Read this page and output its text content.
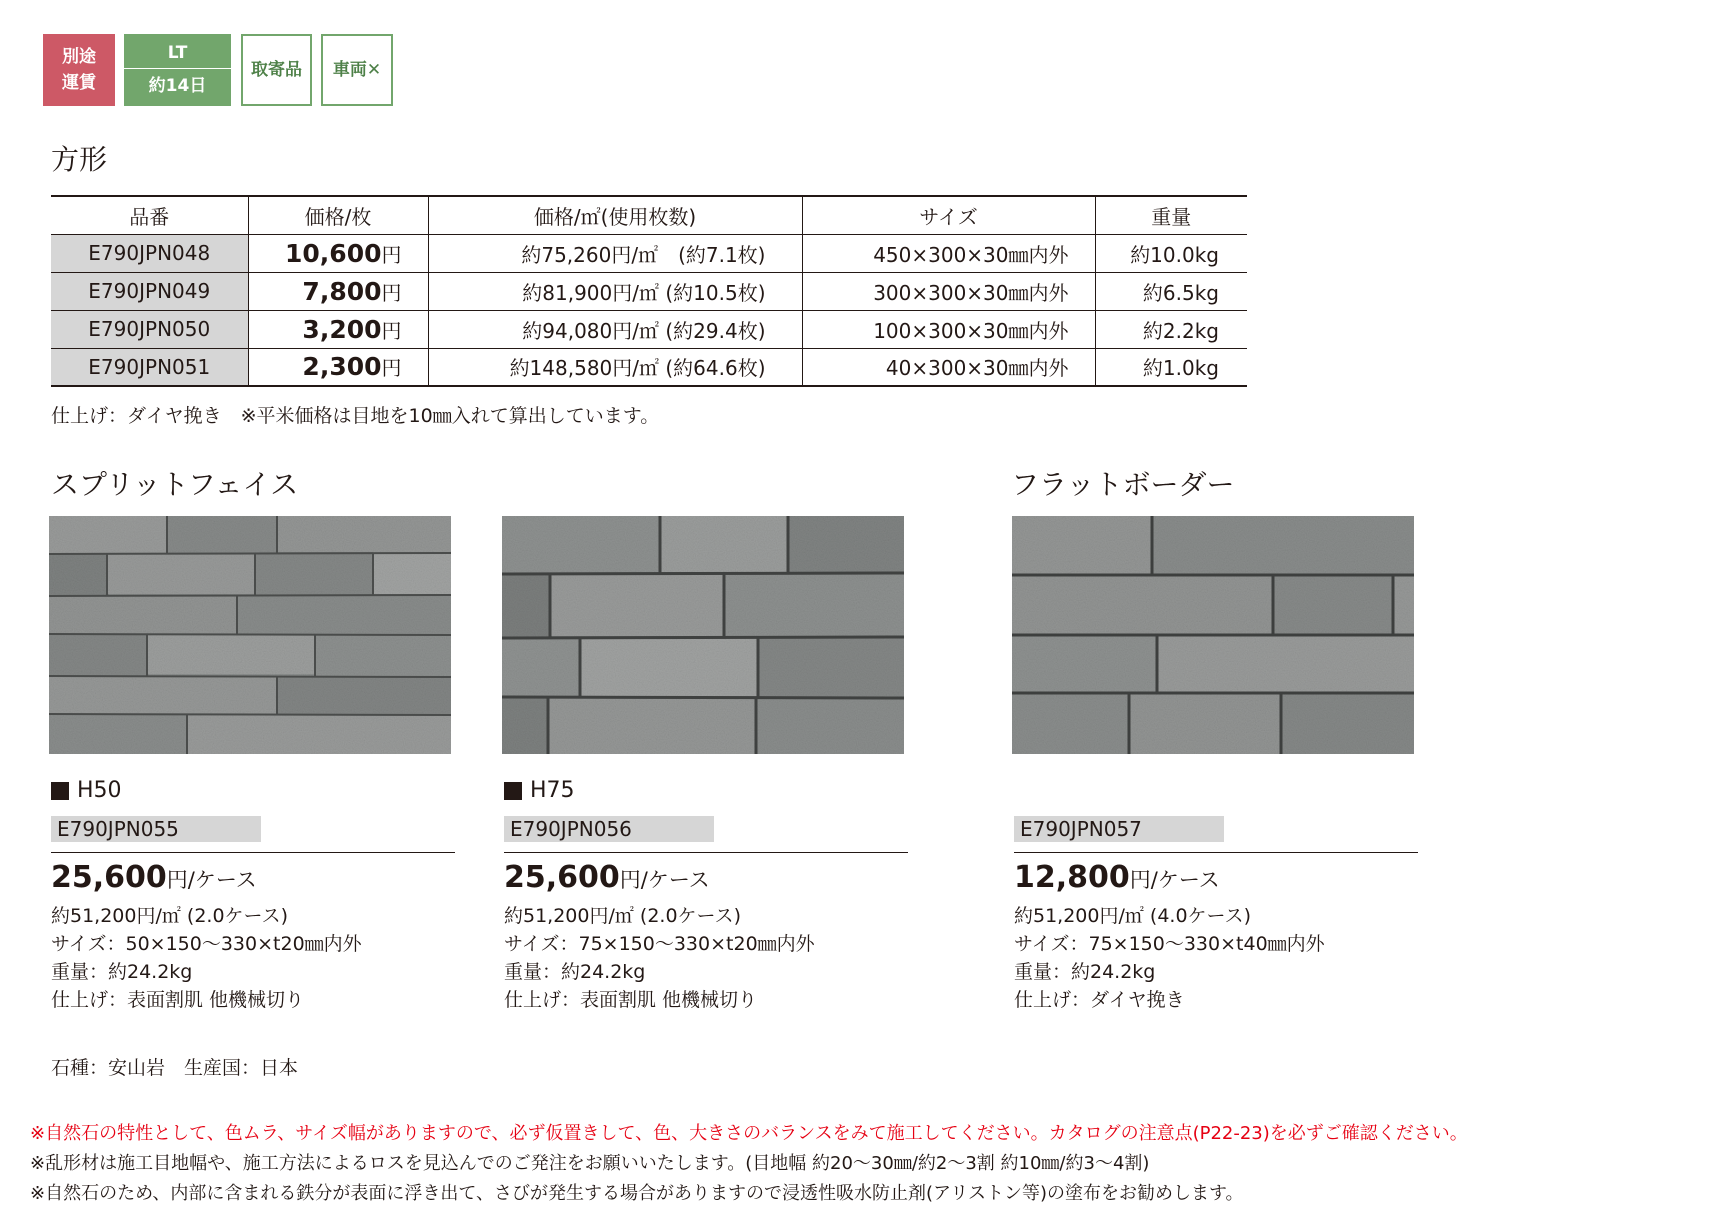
別途
運賃
LT
約14日
取寄品	車両✕
方形
品番	価格/枚	価格/㎡(使用枚数)	サイズ	重量
E790JPN048	10,600円	約75,260円/㎡　(約7.1枚)	450×300×30㎜内外	約10.0kg
E790JPN049	7,800円	約81,900円/㎡ (約10.5枚)	300×300×30㎜内外	約6.5kg
E790JPN050	3,200円	約94,080円/㎡ (約29.4枚)	100×300×30㎜内外	約2.2kg
E790JPN051	2,300円	約148,580円/㎡ (約64.6枚)	40×300×30㎜内外	約1.0kg
仕上げ：ダイヤ挽き　※平米価格は目地を10㎜入れて算出しています。
スプリットフェイス	フラットボーダー
H50
E790JPN055
25,600円/ケース
約51,200円/㎡ (2.0ケース)
サイズ：50×150～330×t20㎜内外
重量：約24.2kg
仕上げ：表面割肌 他機械切り
H75
E790JPN056
25,600円/ケース
約51,200円/㎡ (2.0ケース)
サイズ：75×150～330×t20㎜内外
重量：約24.2kg
仕上げ：表面割肌 他機械切り
E790JPN057
12,800円/ケース
約51,200円/㎡ (4.0ケース)
サイズ：75×150～330×t40㎜内外
重量：約24.2kg
仕上げ：ダイヤ挽き
石種：安山岩　生産国：日本
※自然石の特性として、色ムラ、サイズ幅がありますので、必ず仮置きして、色、大きさのバランスをみて施工してください。カタログの注意点(P22-23)を必ずご確認ください。
※乱形材は施工目地幅や、施工方法によるロスを見込んでのご発注をお願いいたします。(目地幅 約20～30㎜/約2～3割 約10㎜/約3～4割)
※自然石のため、内部に含まれる鉄分が表面に浮き出て、さびが発生する場合がありますので浸透性吸水防止剤(アリストン等)の塗布をお勧めします。
